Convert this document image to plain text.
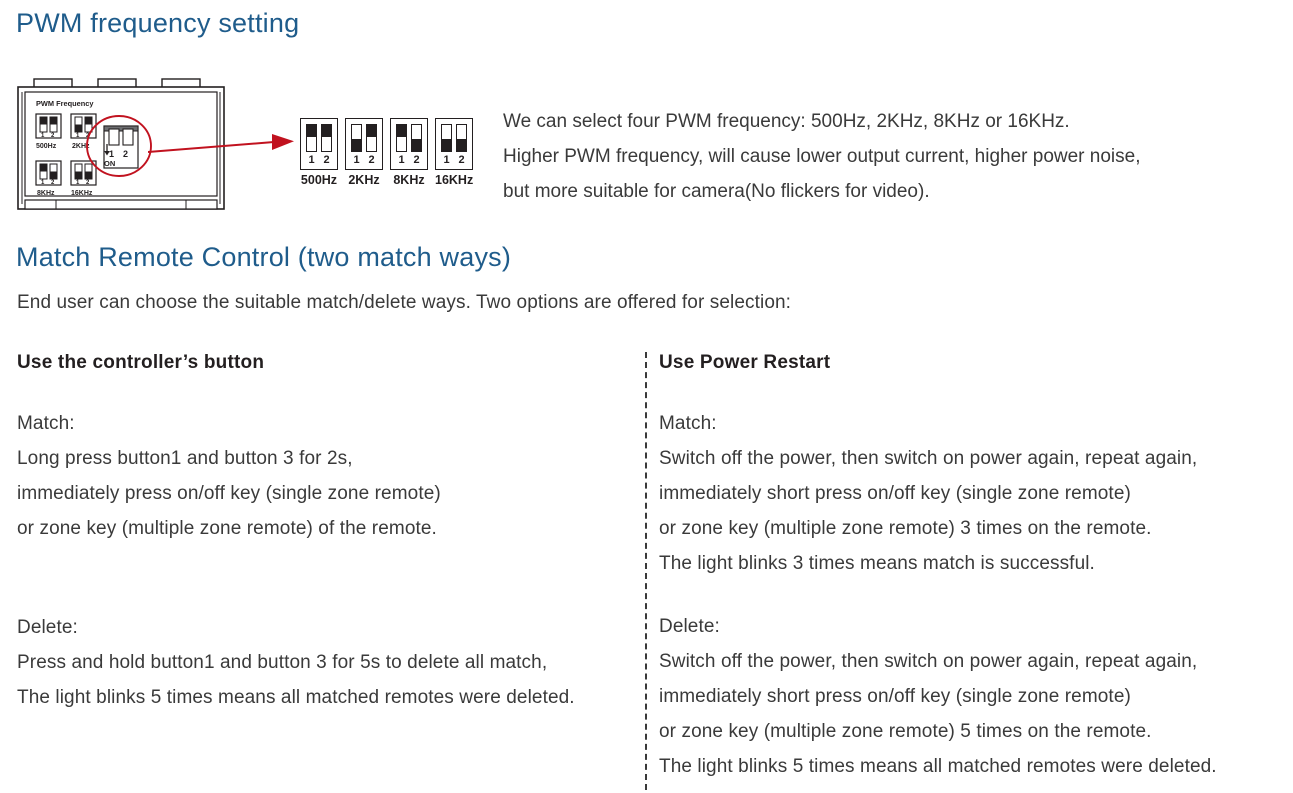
PWM frequency setting
PWM Frequency
1 2
500Hz
1 2
2KHz
1 2
8KHz
1 2
16KHz
1 2
ON	1 2
500Hz
1 2
2KHz
1 2
8KHz
1 2
16KHz
We can select four PWM frequency: 500Hz, 2KHz, 8KHz or 16KHz.
Higher PWM frequency, will cause lower output current, higher power noise,
but more suitable for camera(No flickers for video).
Match Remote Control (two match ways)
End user can choose the suitable match/delete ways. Two options are offered for selection:
Use the controller’s button
Match:
Long press button1 and button 3 for 2s,
immediately press on/off key (single zone remote)
or zone key (multiple zone remote) of the remote.
Delete:
Press and hold button1 and button 3 for 5s to delete all match,
The light blinks 5 times means all matched remotes were deleted.
Use Power Restart
Match:
Switch off the power, then switch on power again, repeat again,
immediately short press on/off key (single zone remote)
or zone key (multiple zone remote) 3 times on the remote.
The light blinks 3 times means match is successful.
Delete:
Switch off the power, then switch on power again, repeat again,
immediately short press on/off key (single zone remote)
or zone key (multiple zone remote) 5 times on the remote.
The light blinks 5 times means all matched remotes were deleted.
